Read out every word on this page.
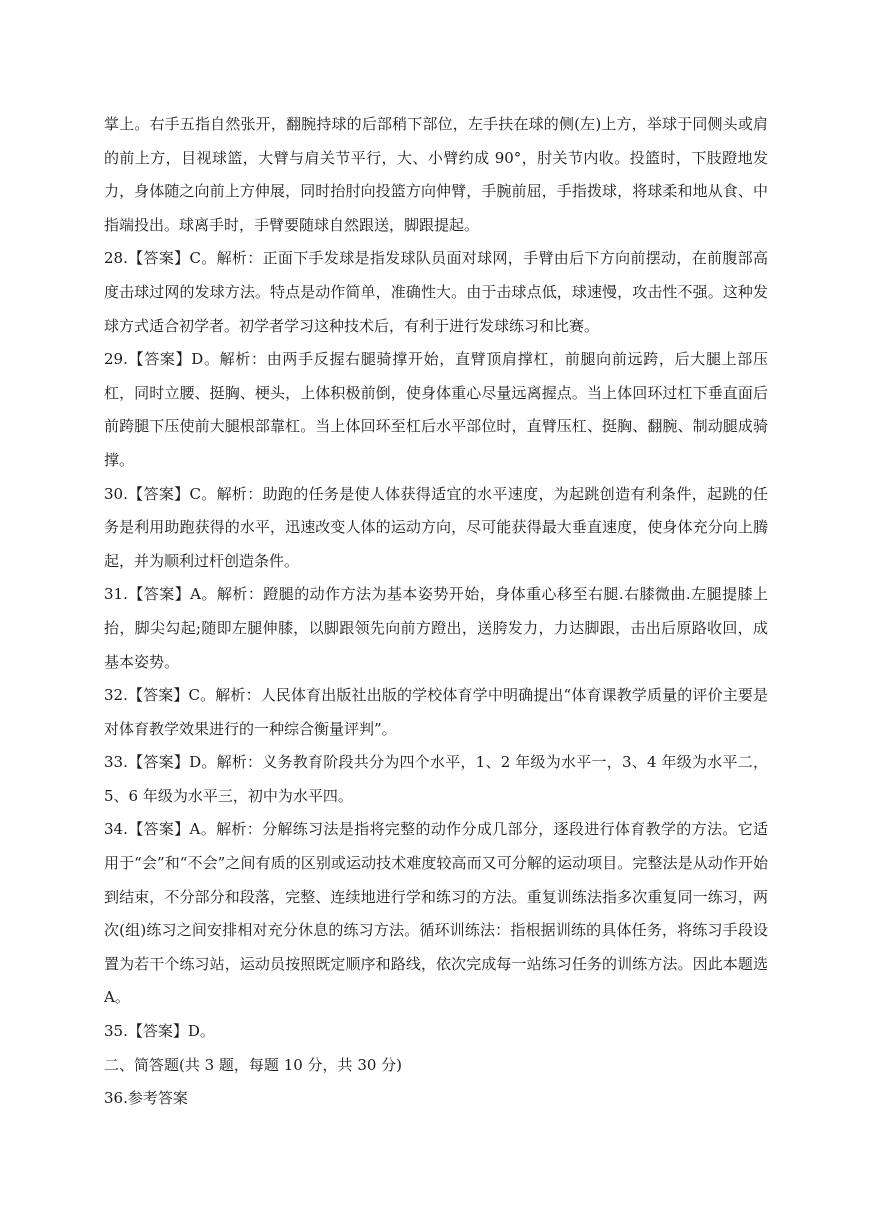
掌上。右手五指自然张开，翻腕持球的后部稍下部位，左手扶在球的侧(左)上方，举球于同侧头或肩的前上方，目视球篮，大臂与肩关节平行，大、小臂约成 90°，肘关节内收。投篮时，下肢蹬地发力，身体随之向前上方伸展，同时抬肘向投篮方向伸臂，手腕前屈，手指拨球，将球柔和地从食、中指端投出。球离手时，手臂要随球自然跟送，脚跟提起。

28.【答案】C。解析：正面下手发球是指发球队员面对球网，手臂由后下方向前摆动，在前腹部高度击球过网的发球方法。特点是动作简单，准确性大。由于击球点低，球速慢，攻击性不强。这种发球方式适合初学者。初学者学习这种技术后，有利于进行发球练习和比赛。

29.【答案】D。解析：由两手反握右腿骑撑开始，直臂顶肩撑杠，前腿向前远跨，后大腿上部压杠，同时立腰、挺胸、梗头，上体积极前倒，使身体重心尽量远离握点。当上体回环过杠下垂直面后前跨腿下压使前大腿根部靠杠。当上体回环至杠后水平部位时，直臂压杠、挺胸、翻腕、制动腿成骑撑。

30.【答案】C。解析：助跑的任务是使人体获得适宜的水平速度，为起跳创造有利条件，起跳的任务是利用助跑获得的水平，迅速改变人体的运动方向，尽可能获得最大垂直速度，使身体充分向上腾起，并为顺利过杆创造条件。

31.【答案】A。解析：蹬腿的动作方法为基本姿势开始，身体重心移至右腿.右膝微曲.左腿提膝上抬，脚尖勾起;随即左腿伸膝，以脚跟领先向前方蹬出，送胯发力，力达脚跟，击出后原路收回，成基本姿势。

32.【答案】C。解析：人民体育出版社出版的学校体育学中明确提出“体育课教学质量的评价主要是对体育教学效果进行的一种综合衡量评判”。

33.【答案】D。解析：义务教育阶段共分为四个水平，1、2 年级为水平一，3、4 年级为水平二，5、6 年级为水平三，初中为水平四。

34.【答案】A。解析：分解练习法是指将完整的动作分成几部分，逐段进行体育教学的方法。它适用于“会”和“不会”之间有质的区别或运动技术难度较高而又可分解的运动项目。完整法是从动作开始到结束，不分部分和段落，完整、连续地进行学和练习的方法。重复训练法指多次重复同一练习，两次(组)练习之间安排相对充分休息的练习方法。循环训练法：指根据训练的具体任务，将练习手段设置为若干个练习站，运动员按照既定顺序和路线，依次完成每一站练习任务的训练方法。因此本题选 A。

35.【答案】D。

二、简答题(共 3 题，每题 10 分，共 30 分)

36.参考答案
